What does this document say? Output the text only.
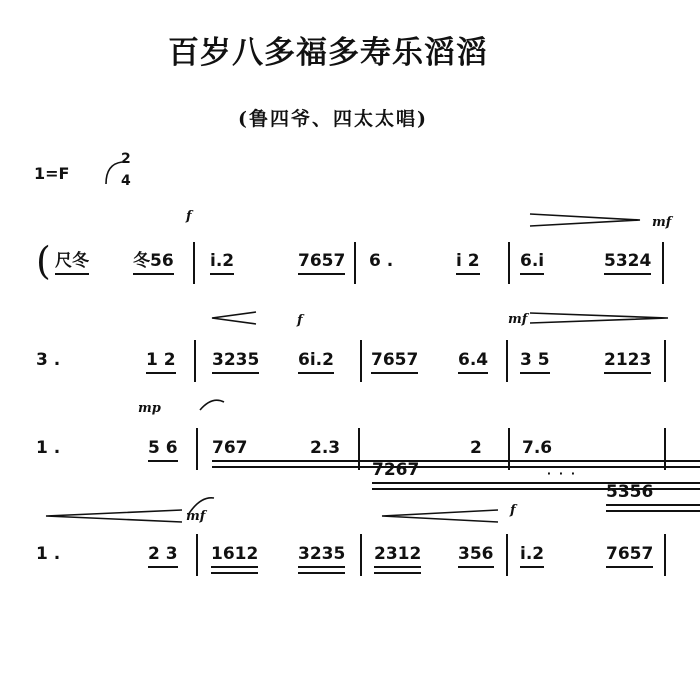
百岁八多福多寿乐滔滔
(鲁四爷、四太太唱)
1=F
2
4
f	mf
( 尺冬	冬56 i.2	7657 6 .	i 2 6.i	5324
f	mf
3 .	1 2 3235 6i.2 7657 6.4 3 5	2123
mp
1 .	5 6 767 · · ·	2.3
7267 · · · ·
2 7.6
5356 · · · ·
mf	f
1 .	2 3 1612 3235 2312 356 i.2	7657
